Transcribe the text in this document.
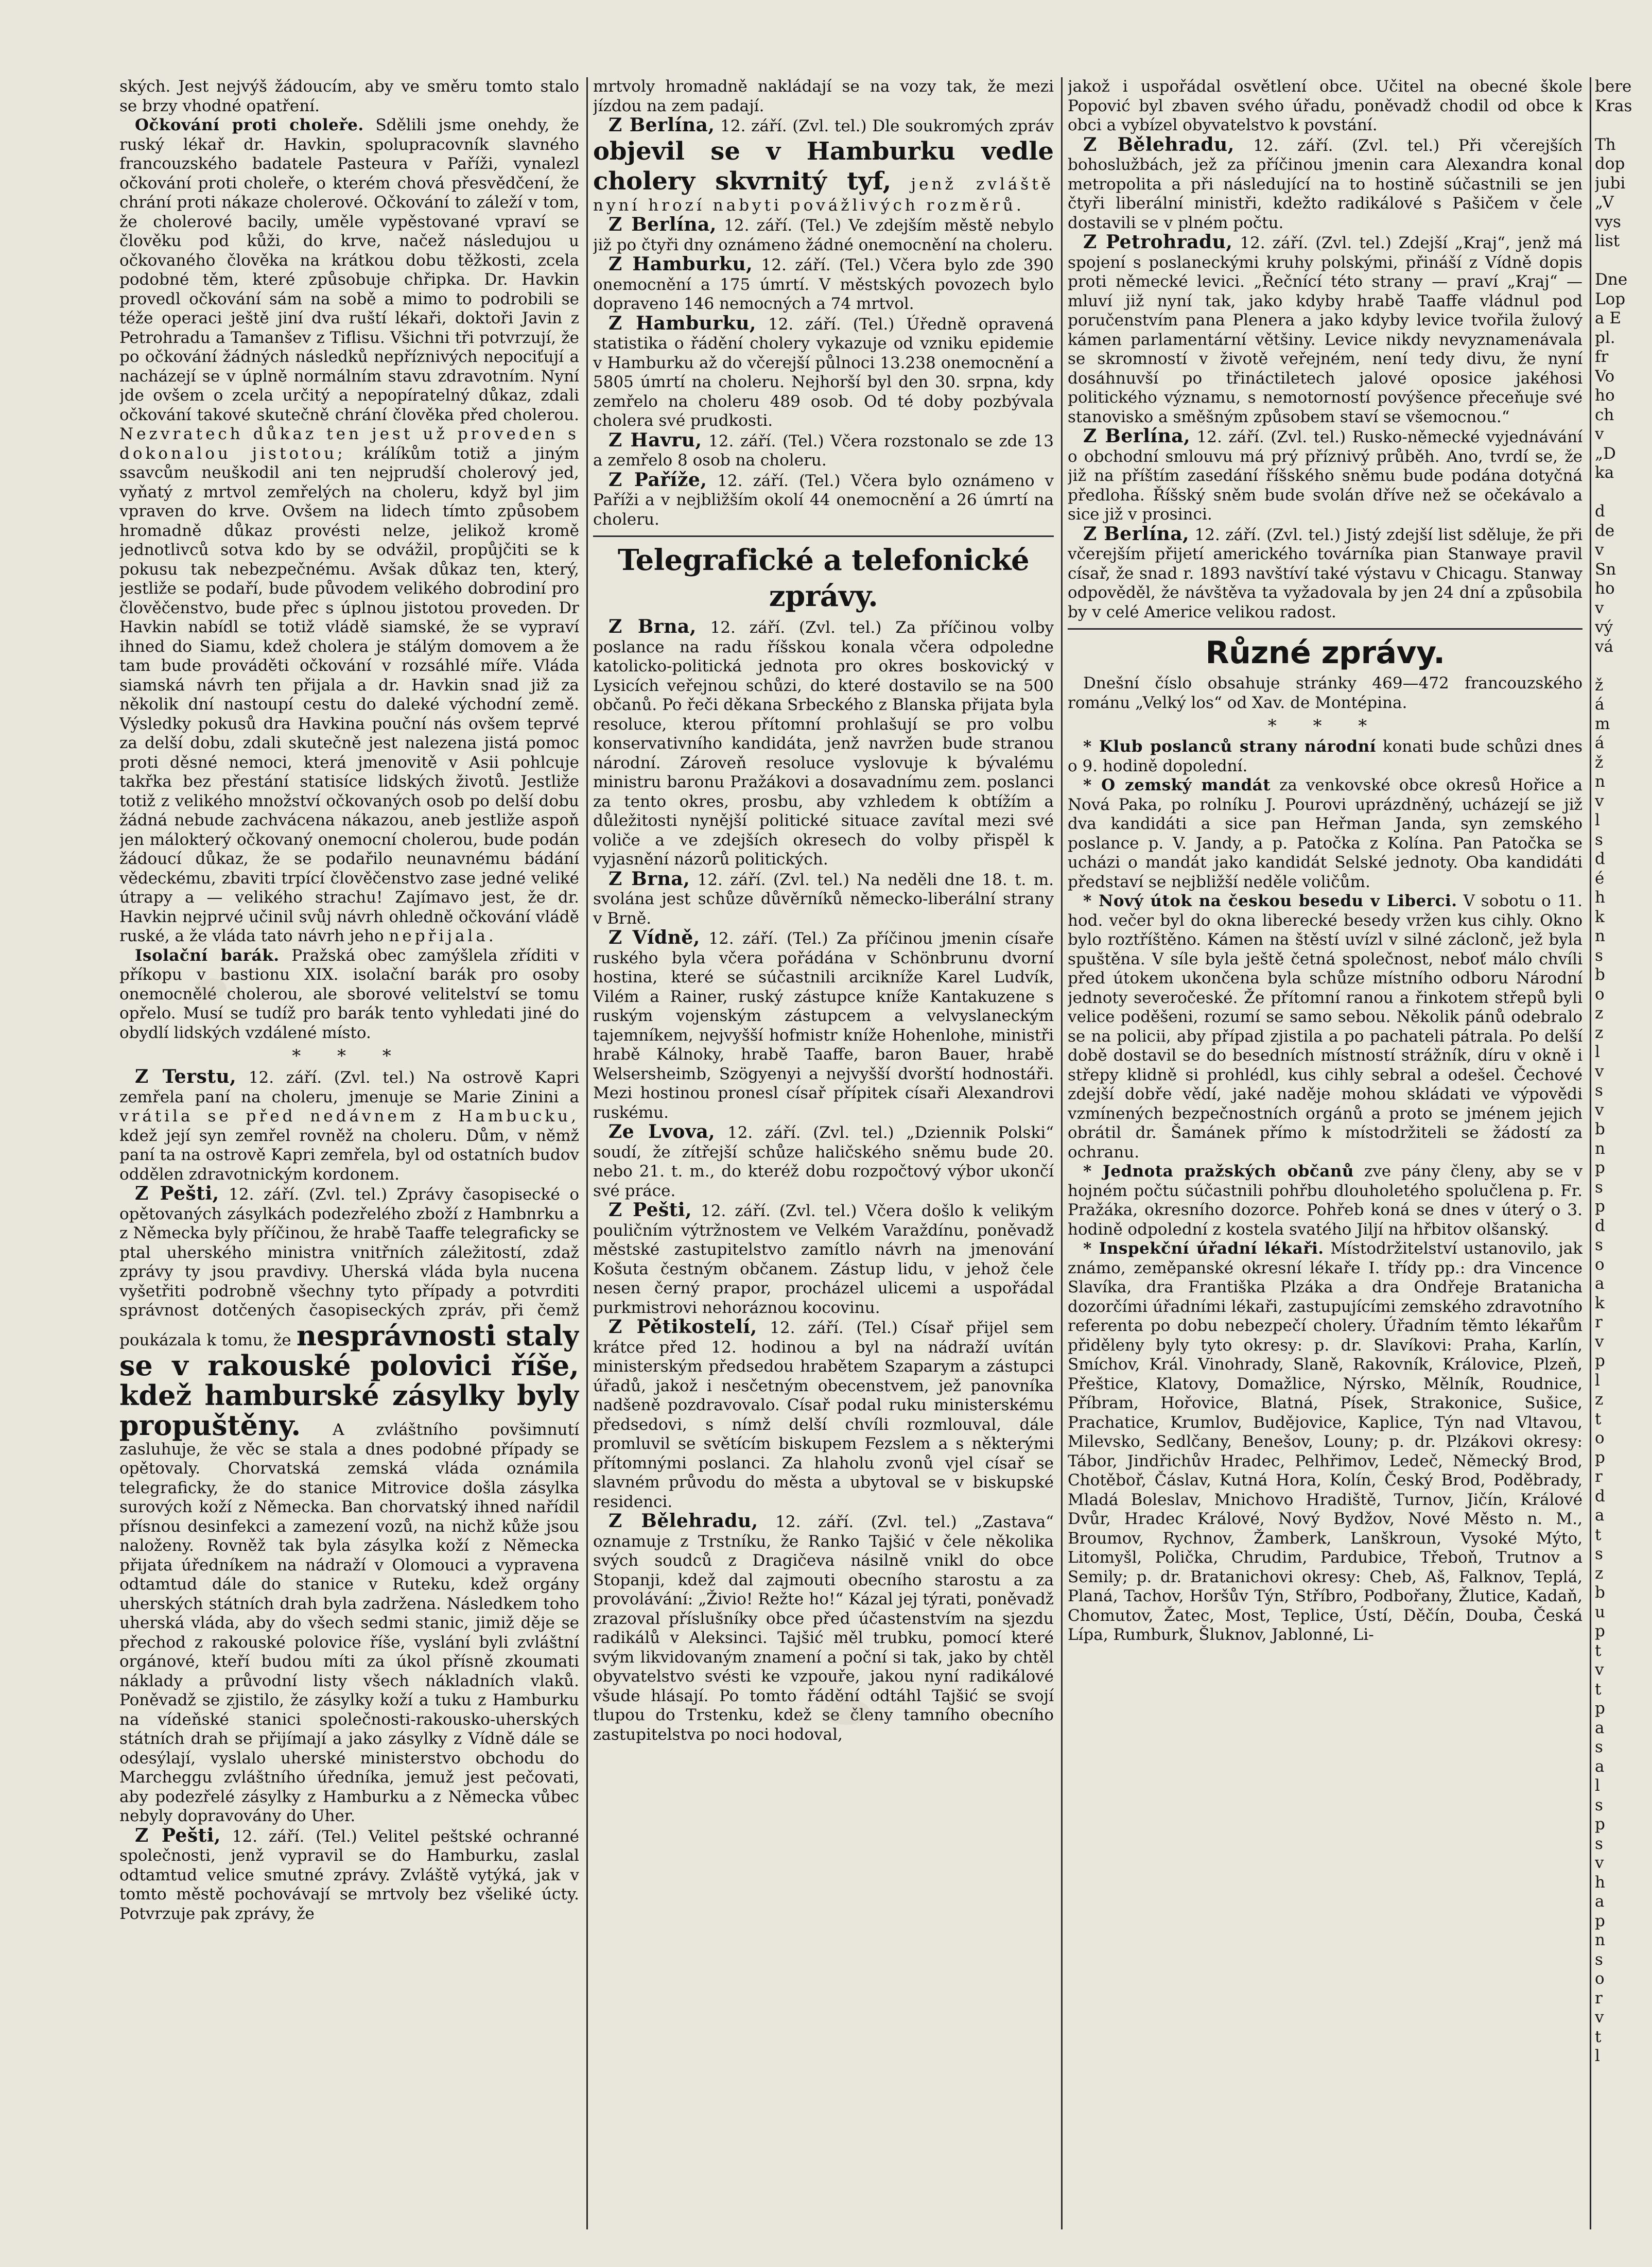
ských. Jest nejvýš žádoucím, aby ve směru tomto stalo se brzy vhodné opatření.

Očkování proti choleře. Sdělili jsme onehdy, že ruský lékař dr. Havkin, spolupracovník slavného francouzského badatele Pasteura v Paříži, vynalezl očkování proti choleře, o kterém chová přesvědčení, že chrání proti nákaze cholerové. Očkování to záleží v tom, že cholerové bacily, uměle vypěstované vpraví se člověku pod kůži, do krve, načež následujou u očkovaného člověka na krátkou dobu těžkosti, zcela podobné těm, které způsobuje chřipka. Dr. Havkin provedl očkování sám na sobě a mimo to podrobili se téže operaci ještě jiní dva ruští lékaři, doktoři Javin z Petrohradu a Tamanšev z Tiflisu. Všichni tři potvrzují, že po očkování žádných následků nepříznivých nepociťují a nacházejí se v úplně normálním stavu zdravotním. Nyní jde ovšem o zcela určitý a nepopíratelný důkaz, zdali očkování takové skutečně chrání člověka před cholerou. Nezvratech důkaz ten jest už proveden s dokonalou jistotou; králíkům totiž a jiným ssavcům neuškodil ani ten nejprudší cholerový jed, vyňatý z mrtvol zemřelých na choleru, když byl jim vpraven do krve. Ovšem na lidech tímto způsobem hromadně důkaz provésti nelze, jelikož kromě jednotlivců sotva kdo by se odvážil, propůjčiti se k pokusu tak nebezpečnému. Avšak důkaz ten, který, jestliže se podaří, bude původem velikého dobrodiní pro člověčenstvo, bude přec s úplnou jistotou proveden. Dr Havkin nabídl se totiž vládě siamské, že se vypraví ihned do Siamu, kdež cholera je stálým domovem a že tam bude prováděti očkování v rozsáhlé míře. Vláda siamská návrh ten přijala a dr. Havkin snad již za několik dní nastoupí cestu do daleké východní země. Výsledky pokusů dra Havkina pouční nás ovšem teprvé za delší dobu, zdali skutečně jest nalezena jistá pomoc proti děsné nemoci, která jmenovitě v Asii pohlcuje takřka bez přestání statisíce lidských životů. Jestliže totiž z velikého množství očkovaných osob po delší dobu žádná nebude zachvácena nákazou, aneb jestliže aspoň jen málokterý očkovaný onemocní cholerou, bude podán žádoucí důkaz, že se podařilo neunavnému bádání vědeckému, zbaviti trpící člověčenstvo zase jedné veliké útrapy a — velikého strachu! Zajímavo jest, že dr. Havkin nejprvé učinil svůj návrh ohledně očkování vládě ruské, a že vláda tato návrh jeho nepřijala.

Isolační barák. Pražská obec zamýšlela zříditi v příkopu v bastionu XIX. isolační barák pro osoby onemocnělé cholerou, ale sborové velitelství se tomu opřelo. Musí se tudíž pro barák tento vyhledati jiné do obydlí lidských vzdálené místo.

* * *

Z Terstu, 12. září. (Zvl. tel.) Na ostrově Kapri zemřela paní na choleru, jmenuje se Marie Zinini a vrátila se před nedávnem z Hambucku, kdež její syn zemřel rovněž na choleru. Dům, v němž paní ta na ostrově Kapri zemřela, byl od ostatních budov oddělen zdravotnickým kordonem.

Z Pešti, 12. září. (Zvl. tel.) Zprávy časopisecké o opětovaných zásylkách podezřelého zboží z Hambnrku a z Německa byly příčinou, že hrabě Taaffe telegraficky se ptal uherského ministra vnitřních záležitostí, zdaž zprávy ty jsou pravdivy. Uherská vláda byla nucena vyšetřiti podrobně všechny tyto případy a potvrditi správnost dotčených časopiseckých zpráv, při čemž poukázala k tomu, že nesprávnosti staly se v rakouské polovici říše, kdež hamburské zásylky byly propuštěny. A zvláštního povšimnutí zasluhuje, že věc se stala a dnes podobné případy se opětovaly. Chorvatská zemská vláda oznámila telegraficky, že do stanice Mitrovice došla zásylka surových koží z Německa. Ban chorvatský ihned nařídil přísnou desinfekci a zamezení vozů, na nichž kůže jsou naloženy. Rovněž tak byla zásylka koží z Německa přijata úředníkem na nádraží v Olomouci a vypravena odtamtud dále do stanice v Ruteku, kdež orgány uherských státních drah byla zadržena. Následkem toho uherská vláda, aby do všech sedmi stanic, jimiž děje se přechod z rakouské polovice říše, vyslání byli zvláštní orgánové, kteří budou míti za úkol přísně zkoumati náklady a průvodní listy všech nákladních vlaků. Poněvadž se zjistilo, že zásylky koží a tuku z Hamburku na vídeňské stanici společnosti-rakousko-uherských státních drah se přijímají a jako zásylky z Vídně dále se odesýlají, vyslalo uherské ministerstvo obchodu do Marcheggu zvláštního úředníka, jemuž jest pečovati, aby podezřelé zásylky z Hamburku a z Německa vůbec nebyly dopravovány do Uher.

Z Pešti, 12. září. (Tel.) Velitel peštské ochranné společnosti, jenž vypravil se do Hamburku, zaslal odtamtud velice smutné zprávy. Zvláště vytýká, jak v tomto městě pochovávají se mrtvoly bez všeliké úcty. Potvrzuje pak zprávy, že

mrtvoly hromadně nakládají se na vozy tak, že mezi jízdou na zem padají.

Z Berlína, 12. září. (Zvl. tel.) Dle soukromých zpráv objevil se v Hamburku vedle cholery skvrnitý tyf, jenž zvláště nyní hrozí nabyti povážlivých rozměrů.

Z Berlína, 12. září. (Tel.) Ve zdejším městě nebylo již po čtyři dny oznámeno žádné onemocnění na choleru.

Z Hamburku, 12. září. (Tel.) Včera bylo zde 390 onemocnění a 175 úmrtí. V městských povozech bylo dopraveno 146 nemocných a 74 mrtvol.

Z Hamburku, 12. září. (Tel.) Úředně opravená statistika o řádění cholery vykazuje od vzniku epidemie v Hamburku až do včerejší půlnoci 13.238 onemocnění a 5805 úmrtí na choleru. Nejhorší byl den 30. srpna, kdy zemřelo na choleru 489 osob. Od té doby pozbývala cholera své prudkosti.

Z Havru, 12. září. (Tel.) Včera rozstonalo se zde 13 a zemřelo 8 osob na choleru.

Z Paříže, 12. září. (Tel.) Včera bylo oznámeno v Paříži a v nejbližším okolí 44 onemocnění a 26 úmrtí na choleru.

Telegrafické a telefonické zprávy.

Z Brna, 12. září. (Zvl. tel.) Za příčinou volby poslance na radu říšskou konala včera odpoledne katolicko-politická jednota pro okres boskovický v Lysicích veřejnou schůzi, do které dostavilo se na 500 občanů. Po řeči děkana Srbeckého z Blanska přijata byla resoluce, kterou přítomní prohlašují se pro volbu konservativního kandidáta, jenž navržen bude stranou národní. Zároveň resoluce vyslovuje k bývalému ministru baronu Pražákovi a dosavadnímu zem. poslanci za tento okres, prosbu, aby vzhledem k obtížím a důležitosti nynější politické situace zavítal mezi své voliče a ve zdejších okresech do volby přispěl k vyjasnění názorů politických.

Z Brna, 12. září. (Zvl. tel.) Na neděli dne 18. t. m. svolána jest schůze důvěrníků německo-liberální strany v Brně.

Z Vídně, 12. září. (Tel.) Za příčinou jmenin císaře ruského byla včera pořádána v Schönbrunu dvorní hostina, které se súčastnili arcikníže Karel Ludvík, Vilém a Rainer, ruský zástupce kníže Kantakuzene s ruským vojenským zástupcem a velvyslaneckým tajemníkem, nejvyšší hofmistr kníže Hohenlohe, ministři hrabě Kálnoky, hrabě Taaffe, baron Bauer, hrabě Welsersheimb, Szögyenyi a nejvyšší dvorští hodnostáři. Mezi hostinou pronesl císař přípitek císaři Alexandrovi ruskému.

Ze Lvova, 12. září. (Zvl. tel.) „Dziennik Polski“ soudí, že zítřejší schůze haličského sněmu bude 20. nebo 21. t. m., do kteréž dobu rozpočtový výbor ukončí své práce.

Z Pešti, 12. září. (Zvl. tel.) Včera došlo k velikým pouličním výtržnostem ve Velkém Varaždínu, poněvadž městské zastupitelstvo zamítlo návrh na jmenování Košuta čestným občanem. Zástup lidu, v jehož čele nesen černý prapor, procházel ulicemi a uspořádal purkmistrovi nehoráznou kocovinu.

Z Pětikostelí, 12. září. (Tel.) Císař přijel sem krátce před 12. hodinou a byl na nádraží uvítán ministerským předsedou hrabětem Szaparym a zástupci úřadů, jakož i nesčetným obecenstvem, jež panovníka nadšeně pozdravovalo. Císař podal ruku ministerskému předsedovi, s nímž delší chvíli rozmlouval, dále promluvil se světícím biskupem Fezslem a s některými přítomnými poslanci. Za hlaholu zvonů vjel císař se slavném průvodu do města a ubytoval se v biskupské residenci.

Z Bělehradu, 12. září. (Zvl. tel.) „Zastava“ oznamuje z Trstníku, že Ranko Tajšić v čele několika svých soudců z Dragičeva násilně vnikl do obce Stopanji, kdež dal zajmouti obecního starostu a za provolávání: „Živio! Režte ho!“ Kázal jej týrati, poněvadž zrazoval příslušníky obce před účastenstvím na sjezdu radikálů v Aleksinci. Tajšić měl trubku, pomocí které svým likvidovaným znamení a poční si tak, jako by chtěl obyvatelstvo svésti ke vzpouře, jakou nyní radikálové všude hlásají. Po tomto řádění odtáhl Tajšić se svojí tlupou do Trstenku, kdež se členy tamního obecního zastupitelstva po noci hodoval,

jakož i uspořádal osvětlení obce. Učitel na obecné škole Popović byl zbaven svého úřadu, poněvadž chodil od obce k obci a vybízel obyvatelstvo k povstání.

Z Bělehradu, 12. září. (Zvl. tel.) Při včerejších bohoslužbách, jež za příčinou jmenin cara Alexandra konal metropolita a při následující na to hostině súčastnili se jen čtyři liberální ministři, kdežto radikálové s Pašičem v čele dostavili se v plném počtu.

Z Petrohradu, 12. září. (Zvl. tel.) Zdejší „Kraj“, jenž má spojení s poslaneckými kruhy polskými, přináší z Vídně dopis proti německé levici. „Řečnící této strany — praví „Kraj“ — mluví již nyní tak, jako kdyby hrabě Taaffe vládnul pod poručenstvím pana Plenera a jako kdyby levice tvořila žulový kámen parlamentární většiny. Levice nikdy nevyznamenávala se skromností v životě veřejném, není tedy divu, že nyní dosáhnuvší po třináctiletech jalové oposice jakéhosi politického významu, s nemotorností povýšence přeceňuje své stanovisko a směšným způsobem staví se všemocnou.“

Z Berlína, 12. září. (Zvl. tel.) Rusko-německé vyjednávání o obchodní smlouvu má prý příznivý průběh. Ano, tvrdí se, že již na příštím zasedání říšského sněmu bude podána dotyčná předloha. Říšský sněm bude svolán dříve než se očekávalo a sice již v prosinci.

Z Berlína, 12. září. (Zvl. tel.) Jistý zdejší list sděluje, že při včerejším přijetí amerického továrníka pian Stanwaye pravil císař, že snad r. 1893 navštíví také výstavu v Chicagu. Stanway odpověděl, že návštěva ta vyžadovala by jen 24 dní a způsobila by v celé Americe velikou radost.

Různé zprávy.

Dnešní číslo obsahuje stránky 469—472 francouzského románu „Velký los“ od Xav. de Montépina.

* * *

* Klub poslanců strany národní konati bude schůzi dnes o 9. hodině dopolední.

* O zemský mandát za venkovské obce okresů Hořice a Nová Paka, po rolníku J. Pourovi uprázdněný, ucházejí se již dva kandidáti a sice pan Heřman Janda, syn zemského poslance p. V. Jandy, a p. Patočka z Kolína. Pan Patočka se ucházi o mandát jako kandidát Selské jednoty. Oba kandidáti představí se nejbližší neděle voličům.

* Nový útok na českou besedu v Liberci. V sobotu o 11. hod. večer byl do okna liberecké besedy vržen kus cihly. Okno bylo roztříštěno. Kámen na štěstí uvízl v silné záclonč, jež byla spuštěna. V síle byla ještě četná společnost, neboť málo chvíli před útokem ukončena byla schůze místního odboru Národní jednoty severočeské. Že přítomní ranou a řinkotem střepů byli velice poděšeni, rozumí se samo sebou. Několik pánů odebralo se na policii, aby případ zjistila a po pachateli pátrala. Po delší době dostavil se do besedních místností strážník, díru v okně i střepy klidně si prohlédl, kus cihly sebral a odešel. Čechové zdejší dobře vědí, jaké naděje mohou skládati ve výpovědi vzmínených bezpečnostních orgánů a proto se jménem jejich obrátil dr. Šamánek přímo k místodržiteli se žádostí za ochranu.

* Jednota pražských občanů zve pány členy, aby se v hojném počtu súčastnili pohřbu dlouholetého spolučlena p. Fr. Pražáka, okresního dozorce. Pohřeb koná se dnes v úterý o 3. hodině odpolední z kostela svatého Jiljí na hřbitov olšanský.

* Inspekční úřadní lékaři. Místodržitelství ustanovilo, jak známo, zeměpanské okresní lékaře I. třídy pp.: dra Vincence Slavíka, dra Františka Plzáka a dra Ondřeje Bratanicha dozorčími úřadními lékaři, zastupujícími zemského zdravotního referenta po dobu nebezpečí cholery. Úřadním těmto lékařům přiděleny byly tyto okresy: p. dr. Slavíkovi: Praha, Karlín, Smíchov, Král. Vinohrady, Slaně, Rakovník, Královice, Plzeň, Přeštice, Klatovy, Domažlice, Nýrsko, Mělník, Roudnice, Příbram, Hořovice, Blatná, Písek, Strakonice, Sušice, Prachatice, Krumlov, Budějovice, Kaplice, Týn nad Vltavou, Milevsko, Sedlčany, Benešov, Louny; p. dr. Plzákovi okresy: Tábor, Jindřichův Hradec, Pelhřimov, Ledeč, Německý Brod, Chotěboř, Čáslav, Kutná Hora, Kolín, Český Brod, Poděbrady, Mladá Boleslav, Mnichovo Hradiště, Turnov, Jičín, Králové Dvůr, Hradec Králové, Nový Bydžov, Nové Město n. M., Broumov, Rychnov, Žamberk, Lanškroun, Vysoké Mýto, Litomyšl, Polička, Chrudim, Pardubice, Třeboň, Trutnov a Semily; p. dr. Bratanichovi okresy: Cheb, Aš, Falknov, Teplá, Planá, Tachov, Horšův Týn, Stříbro, Podbořany, Žlutice, Kadaň, Chomutov, Žatec, Most, Teplice, Ústí, Děčín, Douba, Česká Lípa, Rumburk, Šluknov, Jablonné, Li-

bere
Kras

Th
dop
jubi
„V
vys
list

Dne
Lop
a E
pl.
fr
Vo
ho
ch
v
„D
ka

d
de
v
Sn
ho
v
vý
vá

ž
á
m
á
ž
n
v
l
s
d
é
h
k
n
s
b
o
z
z
l
v
s
v
b
n
p
s
p
d
s
o
a
k
r
v
p
l
z
t
o
p
r
d
a
t
s
z
b
u
p
t
v
t
p
a
s
a
l
s
p
s
v
h
a
p
n
s
o
r
v
t
l
